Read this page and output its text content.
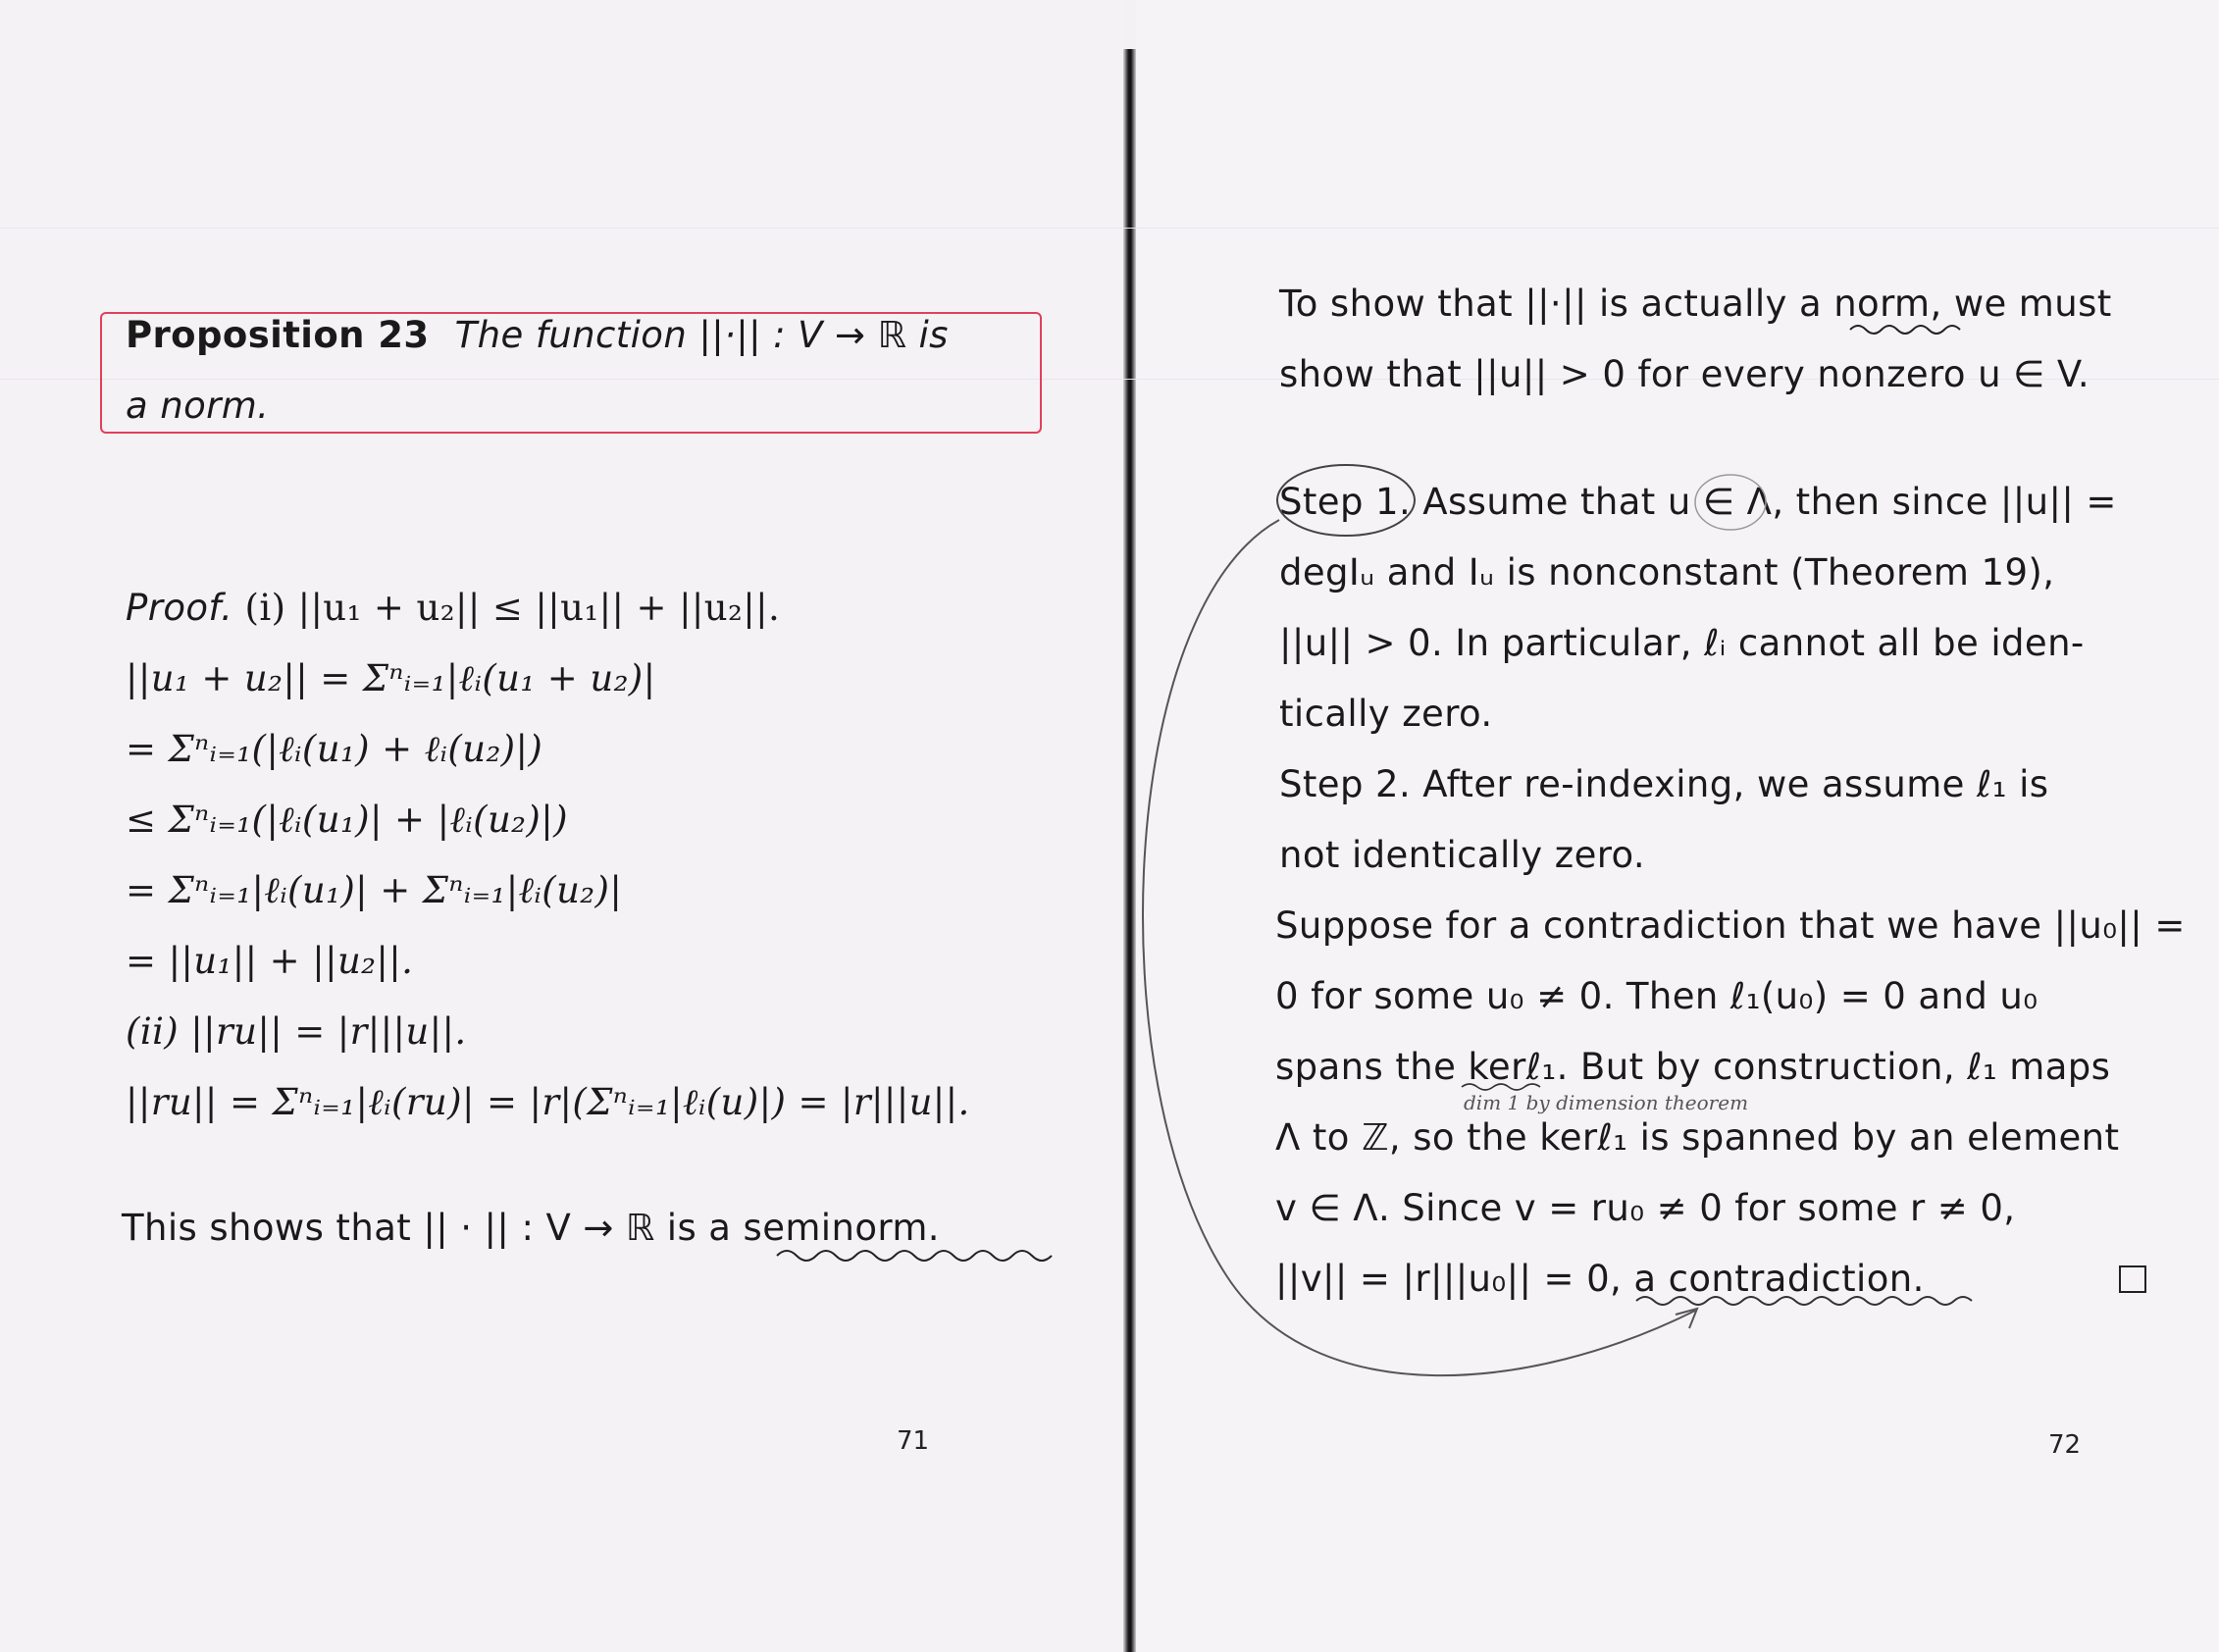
Proposition 23 The function ||·|| : V → ℝ is
a norm.
Proof. (i) ||u₁ + u₂|| ≤ ||u₁|| + ||u₂||.
||u₁ + u₂|| = Σⁿᵢ₌₁|ℓᵢ(u₁ + u₂)|
= Σⁿᵢ₌₁(|ℓᵢ(u₁) + ℓᵢ(u₂)|)
≤ Σⁿᵢ₌₁(|ℓᵢ(u₁)| + |ℓᵢ(u₂)|)
= Σⁿᵢ₌₁|ℓᵢ(u₁)| + Σⁿᵢ₌₁|ℓᵢ(u₂)|
= ||u₁|| + ||u₂||.
(ii) ||ru|| = |r|||u||.
||ru|| = Σⁿᵢ₌₁|ℓᵢ(ru)| = |r|(Σⁿᵢ₌₁|ℓᵢ(u)|) = |r|||u||.
This shows that || · || : V → ℝ is a seminorm.
71
To show that ||·|| is actually a norm, we must
show that ||u|| > 0 for every nonzero u ∈ V.
Step 1. Assume that u ∈ Λ, then since ||u|| =
degIᵤ and Iᵤ is nonconstant (Theorem 19),
||u|| > 0. In particular, ℓᵢ cannot all be iden-
tically zero.
Step 2. After re-indexing, we assume ℓ₁ is
not identically zero.
Suppose for a contradiction that we have ||u₀|| =
0 for some u₀ ≠ 0. Then ℓ₁(u₀) = 0 and u₀
spans the kerℓ₁. But by construction, ℓ₁ maps
dim 1 by dimension theorem
Λ to ℤ, so the kerℓ₁ is spanned by an element
v ∈ Λ. Since v = ru₀ ≠ 0 for some r ≠ 0,
||v|| = |r|||u₀|| = 0, a contradiction.
72
